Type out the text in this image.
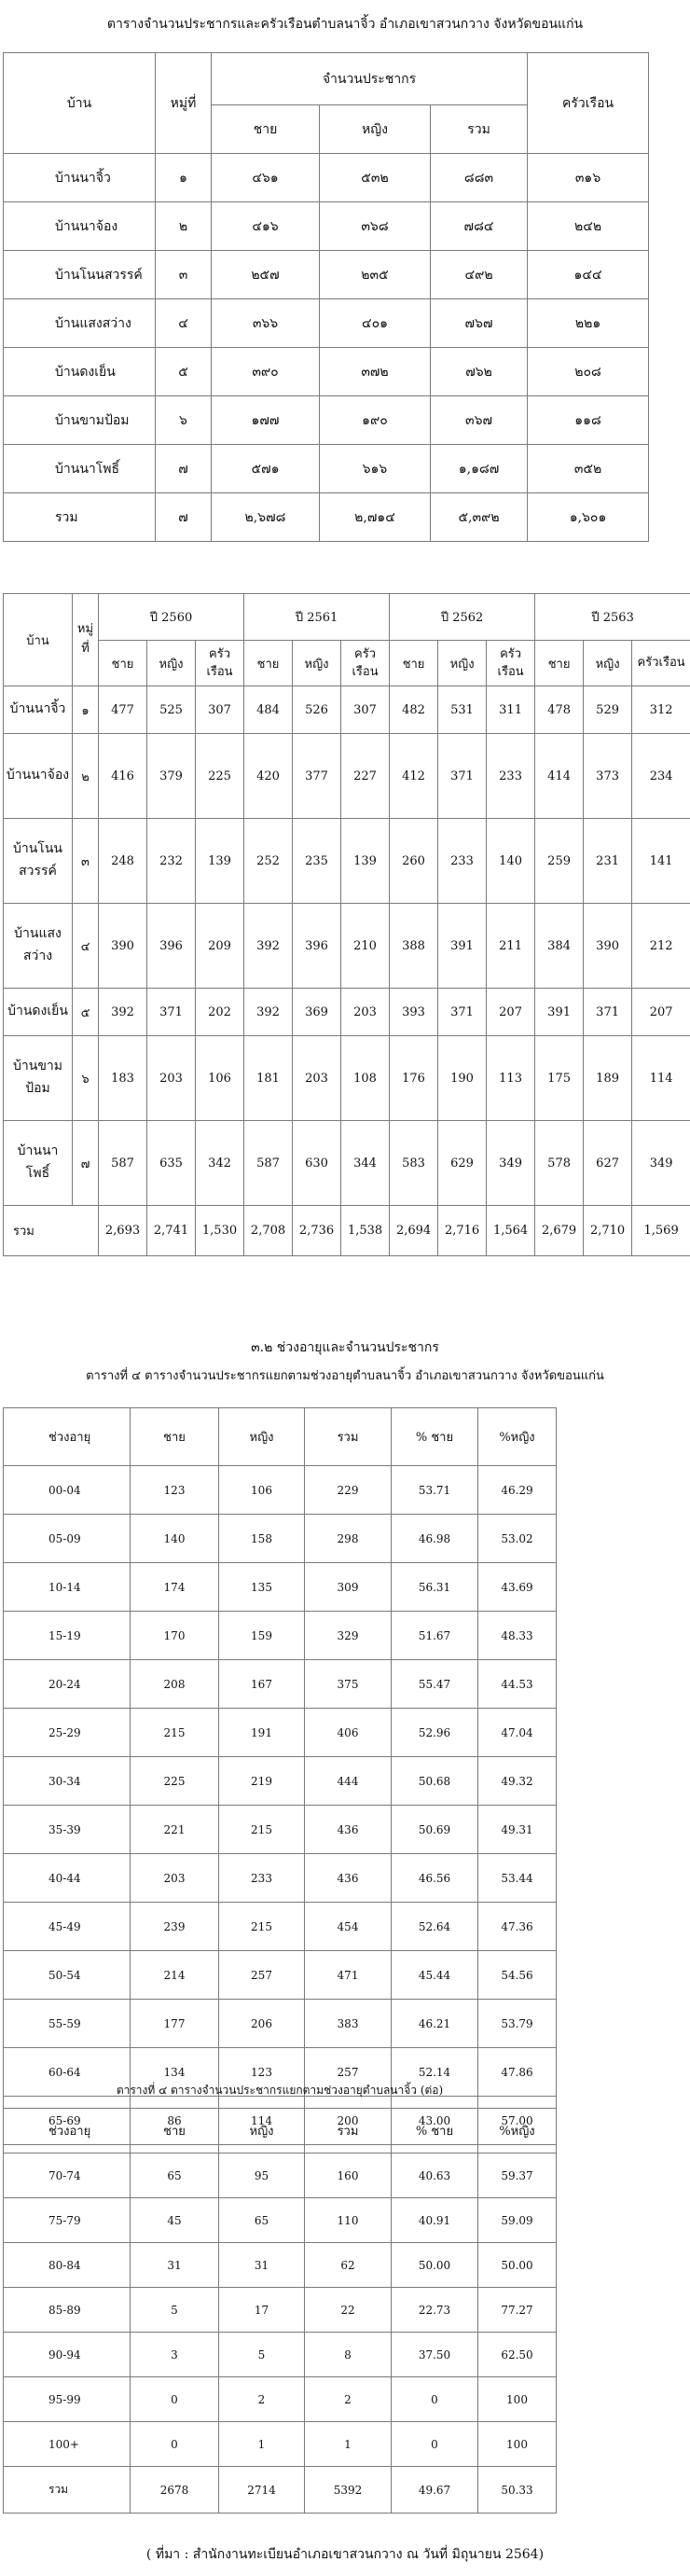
ตารางจำนวนประชากรและครัวเรือนตำบลนาจิ้ว อำเภอเขาสวนกวาง จังหวัดขอนแก่น
บ้าน	หมู่ที่	จำนวนประชากร			ครัวเรือน
		ชาย	หญิง	รวม	
บ้านนาจิ้ว	๑	๔๖๑	๕๓๒	๘๘๓	๓๑๖
บ้านนาจ้อง	๒	๔๑๖	๓๖๘	๗๘๔	๒๔๒
บ้านโนนสวรรค์	๓	๒๕๗	๒๓๕	๔๙๒	๑๔๔
บ้านแสงสว่าง	๔	๓๖๖	๔๐๑	๗๖๗	๒๒๑
บ้านดงเย็น	๕	๓๙๐	๓๗๒	๗๖๒	๒๐๘
บ้านขามป้อม	๖	๑๗๗	๑๙๐	๓๖๗	๑๑๘
บ้านนาโพธิ์	๗	๕๗๑	๖๑๖	๑,๑๘๗	๓๕๒
รวม	๗	๒,๖๗๘	๒,๗๑๔	๕,๓๙๒	๑,๖๐๑
บ้าน	หมู่ที่	ปี 2560			ปี 2561			ปี 2562			ปี 2563		
		ชาย	หญิง	ครัวเรือน	ชาย	หญิง	ครัวเรือน	ชาย	หญิง	ครัวเรือน	ชาย	หญิง	ครัวเรือน
บ้านนาจิ้ว	๑	477	525	307	484	526	307	482	531	311	478	529	312
บ้านนาจ้อง	๒	416	379	225	420	377	227	412	371	233	414	373	234
บ้านโนนสวรรค์	๓	248	232	139	252	235	139	260	233	140	259	231	141
บ้านแสงสว่าง	๔	390	396	209	392	396	210	388	391	211	384	390	212
บ้านดงเย็น	๕	392	371	202	392	369	203	393	371	207	391	371	207
บ้านขามป้อม	๖	183	203	106	181	203	108	176	190	113	175	189	114
บ้านนาโพธิ์	๗	587	635	342	587	630	344	583	629	349	578	627	349
รวม		2,693	2,741	1,530	2,708	2,736	1,538	2,694	2,716	1,564	2,679	2,710	1,569
๓.๒ ช่วงอายุและจำนวนประชากร
ตารางที่ ๔ ตารางจำนวนประชากรแยกตามช่วงอายุตำบลนาจิ้ว อำเภอเขาสวนกวาง จังหวัดขอนแก่น
ช่วงอายุ	ชาย	หญิง	รวม	% ชาย	%หญิง
00-04	123	106	229	53.71	46.29
05-09	140	158	298	46.98	53.02
10-14	174	135	309	56.31	43.69
15-19	170	159	329	51.67	48.33
20-24	208	167	375	55.47	44.53
25-29	215	191	406	52.96	47.04
30-34	225	219	444	50.68	49.32
35-39	221	215	436	50.69	49.31
40-44	203	233	436	46.56	53.44
45-49	239	215	454	52.64	47.36
50-54	214	257	471	45.44	54.56
55-59	177	206	383	46.21	53.79
60-64	134	123	257	52.14	47.86
65-69	86	114	200	43.00	57.00
ตารางที่ ๔ ตารางจำนวนประชากรแยกตามช่วงอายุตำบลนาจิ้ว (ต่อ)
ช่วงอายุ	ชาย	หญิง	รวม	% ชาย	%หญิง
70-74	65	95	160	40.63	59.37
75-79	45	65	110	40.91	59.09
80-84	31	31	62	50.00	50.00
85-89	5	17	22	22.73	77.27
90-94	3	5	8	37.50	62.50
95-99	0	2	2	0	100
100+	0	1	1	0	100
รวม	2678	2714	5392	49.67	50.33
( ที่มา : สำนักงานทะเบียนอำเภอเขาสวนกวาง ณ วันที่ มิถุนายน 2564)
